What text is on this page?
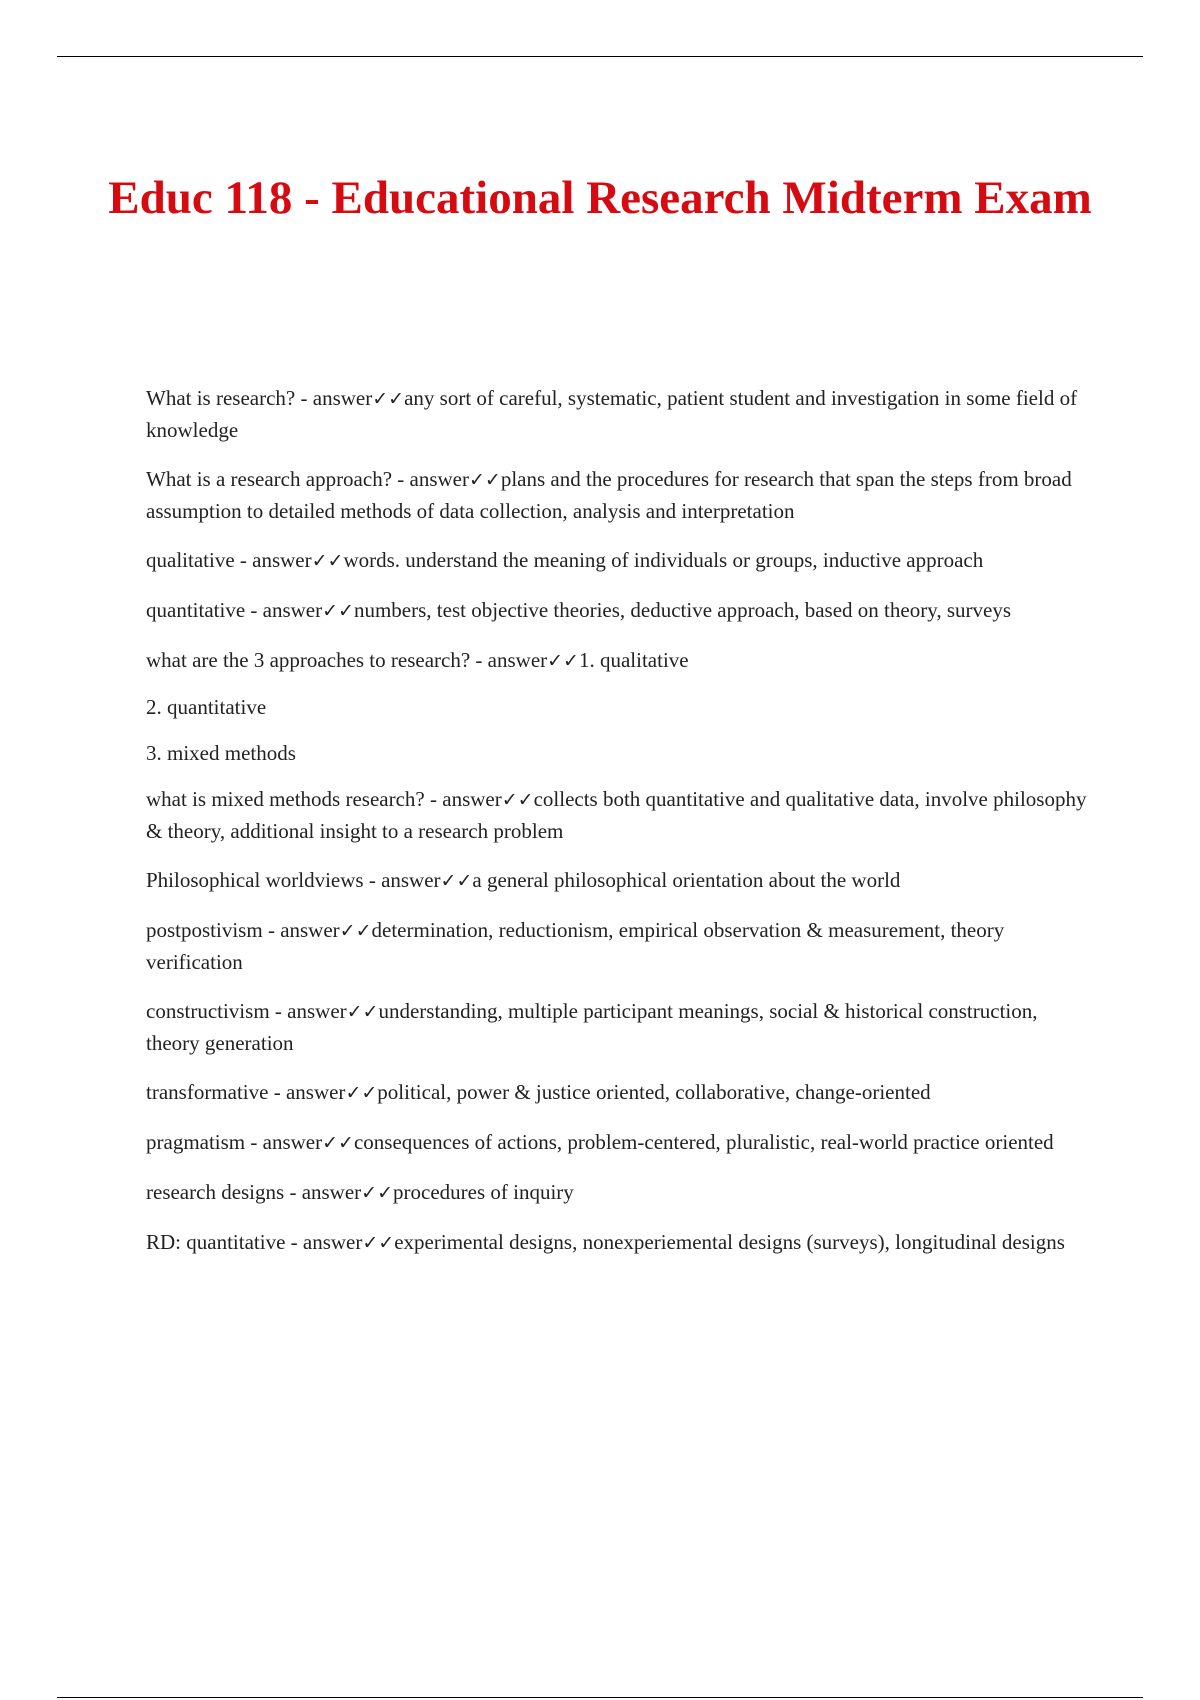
Educ 118 - Educational Research Midterm Exam

What is research? - answer✓✓any sort of careful, systematic, patient student and investigation in some field of knowledge

What is a research approach? - answer✓✓plans and the procedures for research that span the steps from broad assumption to detailed methods of data collection, analysis and interpretation

qualitative - answer✓✓words. understand the meaning of individuals or groups, inductive approach

quantitative - answer✓✓numbers, test objective theories, deductive approach, based on theory, surveys

what are the 3 approaches to research? - answer✓✓1. qualitative

2. quantitative

3. mixed methods

what is mixed methods research? - answer✓✓collects both quantitative and qualitative data, involve philosophy & theory, additional insight to a research problem

Philosophical worldviews - answer✓✓a general philosophical orientation about the world

postpostivism - answer✓✓determination, reductionism, empirical observation & measurement, theory verification

constructivism - answer✓✓understanding, multiple participant meanings, social & historical construction, theory generation

transformative - answer✓✓political, power & justice oriented, collaborative, change-oriented

pragmatism - answer✓✓consequences of actions, problem-centered, pluralistic, real-world practice oriented

research designs - answer✓✓procedures of inquiry

RD: quantitative - answer✓✓experimental designs, nonexperiemental designs (surveys), longitudinal designs
